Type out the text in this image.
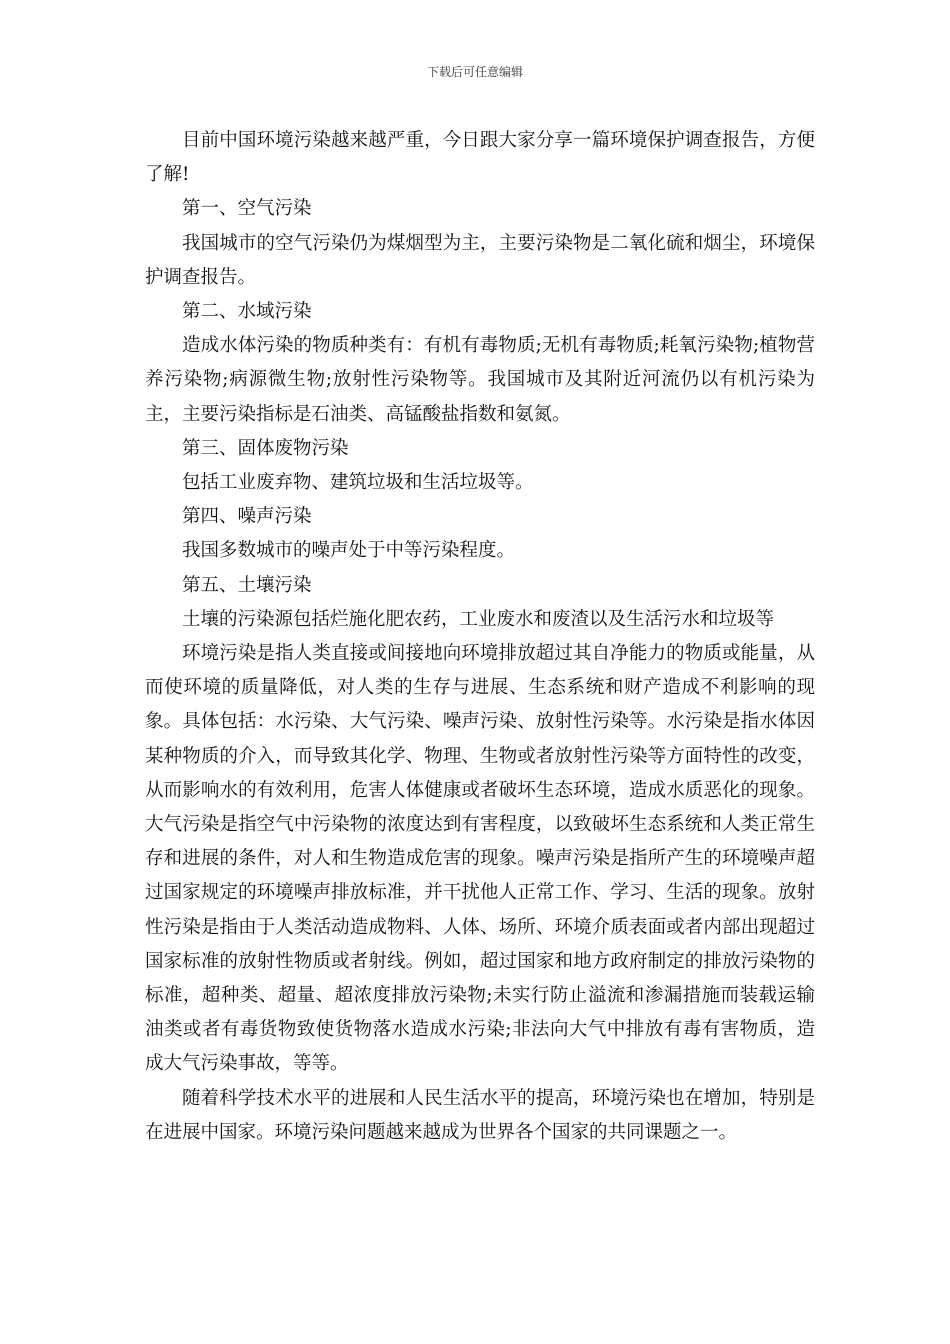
下载后可任意编辑

目前中国环境污染越来越严重，今日跟大家分享一篇环境保护调查报告，方便了解!

第一、空气污染

我国城市的空气污染仍为煤烟型为主，主要污染物是二氧化硫和烟尘，环境保护调查报告。

第二、水域污染

造成水体污染的物质种类有：有机有毒物质;无机有毒物质;耗氧污染物;植物营养污染物;病源微生物;放射性污染物等。我国城市及其附近河流仍以有机污染为主，主要污染指标是石油类、高锰酸盐指数和氨氮。

第三、固体废物污染

包括工业废弃物、建筑垃圾和生活垃圾等。

第四、噪声污染

我国多数城市的噪声处于中等污染程度。

第五、土壤污染

土壤的污染源包括烂施化肥农药，工业废水和废渣以及生活污水和垃圾等

环境污染是指人类直接或间接地向环境排放超过其自净能力的物质或能量，从而使环境的质量降低，对人类的生存与进展、生态系统和财产造成不利影响的现象。具体包括：水污染、大气污染、噪声污染、放射性污染等。水污染是指水体因某种物质的介入，而导致其化学、物理、生物或者放射性污染等方面特性的改变，从而影响水的有效利用，危害人体健康或者破坏生态环境，造成水质恶化的现象。大气污染是指空气中污染物的浓度达到有害程度，以致破坏生态系统和人类正常生存和进展的条件，对人和生物造成危害的现象。噪声污染是指所产生的环境噪声超过国家规定的环境噪声排放标准，并干扰他人正常工作、学习、生活的现象。放射性污染是指由于人类活动造成物料、人体、场所、环境介质表面或者内部出现超过国家标准的放射性物质或者射线。例如，超过国家和地方政府制定的排放污染物的标准，超种类、超量、超浓度排放污染物;未实行防止溢流和渗漏措施而装载运输油类或者有毒货物致使货物落水造成水污染;非法向大气中排放有毒有害物质，造成大气污染事故，等等。

随着科学技术水平的进展和人民生活水平的提高，环境污染也在增加，特别是在进展中国家。环境污染问题越来越成为世界各个国家的共同课题之一。
